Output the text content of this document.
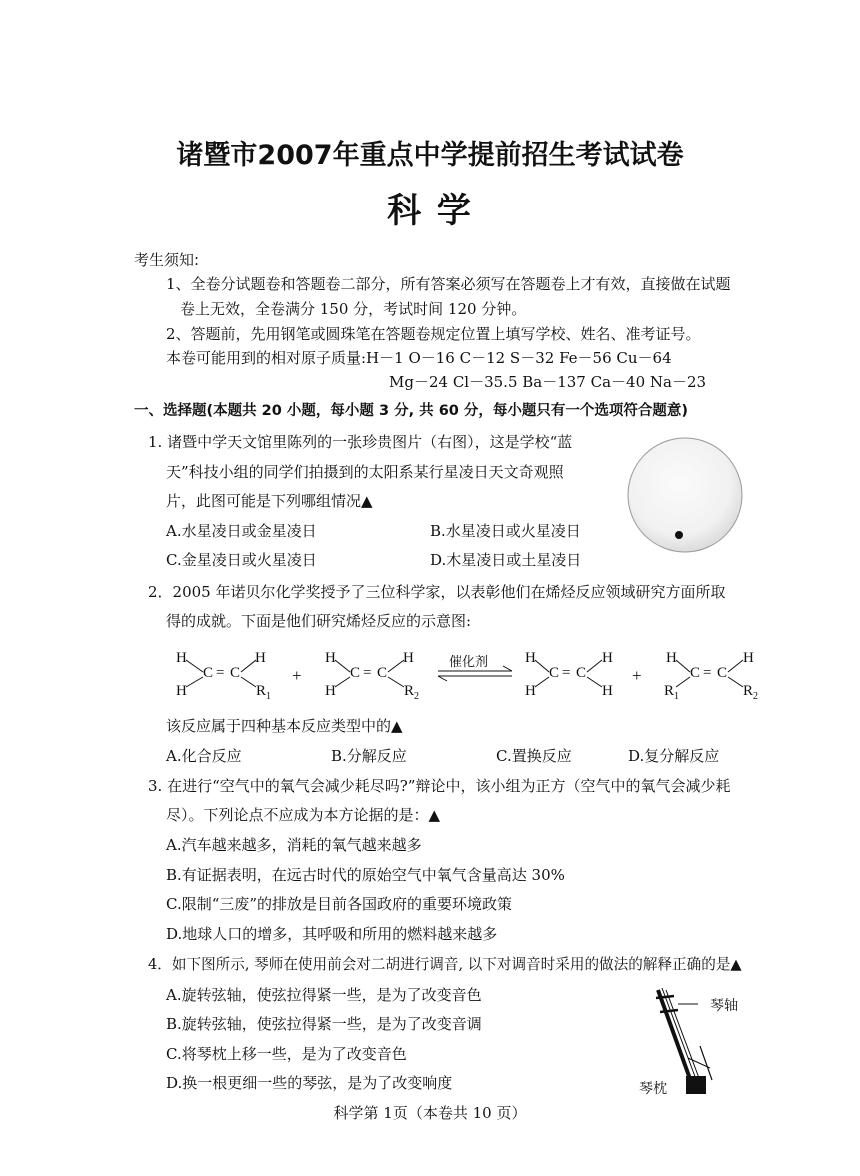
诸暨市2007年重点中学提前招生考试试卷
科 学
考生须知:
1、全卷分试题卷和答题卷二部分，所有答案必须写在答题卷上才有效，直接做在试题
卷上无效，全卷满分 150 分，考试时间 120 分钟。
2、答题前，先用钢笔或圆珠笔在答题卷规定位置上填写学校、姓名、准考证号。
本卷可能用到的相对原子质量:H－1 O－16 C－12 S－32 Fe－56 Cu－64
Mg－24 Cl－35.5 Ba－137 Ca－40 Na－23
一、选择题(本题共 20 小题，每小题 3 分, 共 60 分，每小题只有一个选项符合题意)
1. 诸暨中学天文馆里陈列的一张珍贵图片（右图），这是学校“蓝
天”科技小组的同学们拍摄到的太阳系某行星凌日天文奇观照
片，此图可能是下列哪组情况▲
A.水星凌日或金星凌日	B.水星凌日或火星凌日
C.金星凌日或火星凌日	D.木星凌日或土星凌日
2．2005 年诺贝尔化学奖授予了三位科学家，以表彰他们在烯烃反应领域研究方面所取
得的成就。下面是他们研究烯烃反应的示意图:
H
H
C = C
H
$R_1$
+
H
H
C = C
H
$R_2$
催化剂 H
H
C = C
H
H
+
H
$R_1$
C = C
H
$R_2$
该反应属于四种基本反应类型中的▲
A.化合反应	B.分解反应	C.置换反应	D.复分解反应
3. 在进行“空气中的氧气会减少耗尽吗?”辩论中，该小组为正方（空气中的氧气会减少耗
尽）。下列论点不应成为本方论据的是：▲
A.汽车越来越多，消耗的氧气越来越多
B.有证据表明，在远古时代的原始空气中氧气含量高达 30%
C.限制“三废”的排放是目前各国政府的重要环境政策
D.地球人口的增多，其呼吸和所用的燃料越来越多
4．如下图所示, 琴师在使用前会对二胡进行调音, 以下对调音时采用的做法的解释正确的是▲
A.旋转弦轴，使弦拉得紧一些，是为了改变音色
B.旋转弦轴，使弦拉得紧一些，是为了改变音调
C.将琴枕上移一些，是为了改变音色
D.换一根更细一些的琴弦，是为了改变响度
琴轴
琴枕
科学第 1页（本卷共 10 页）
